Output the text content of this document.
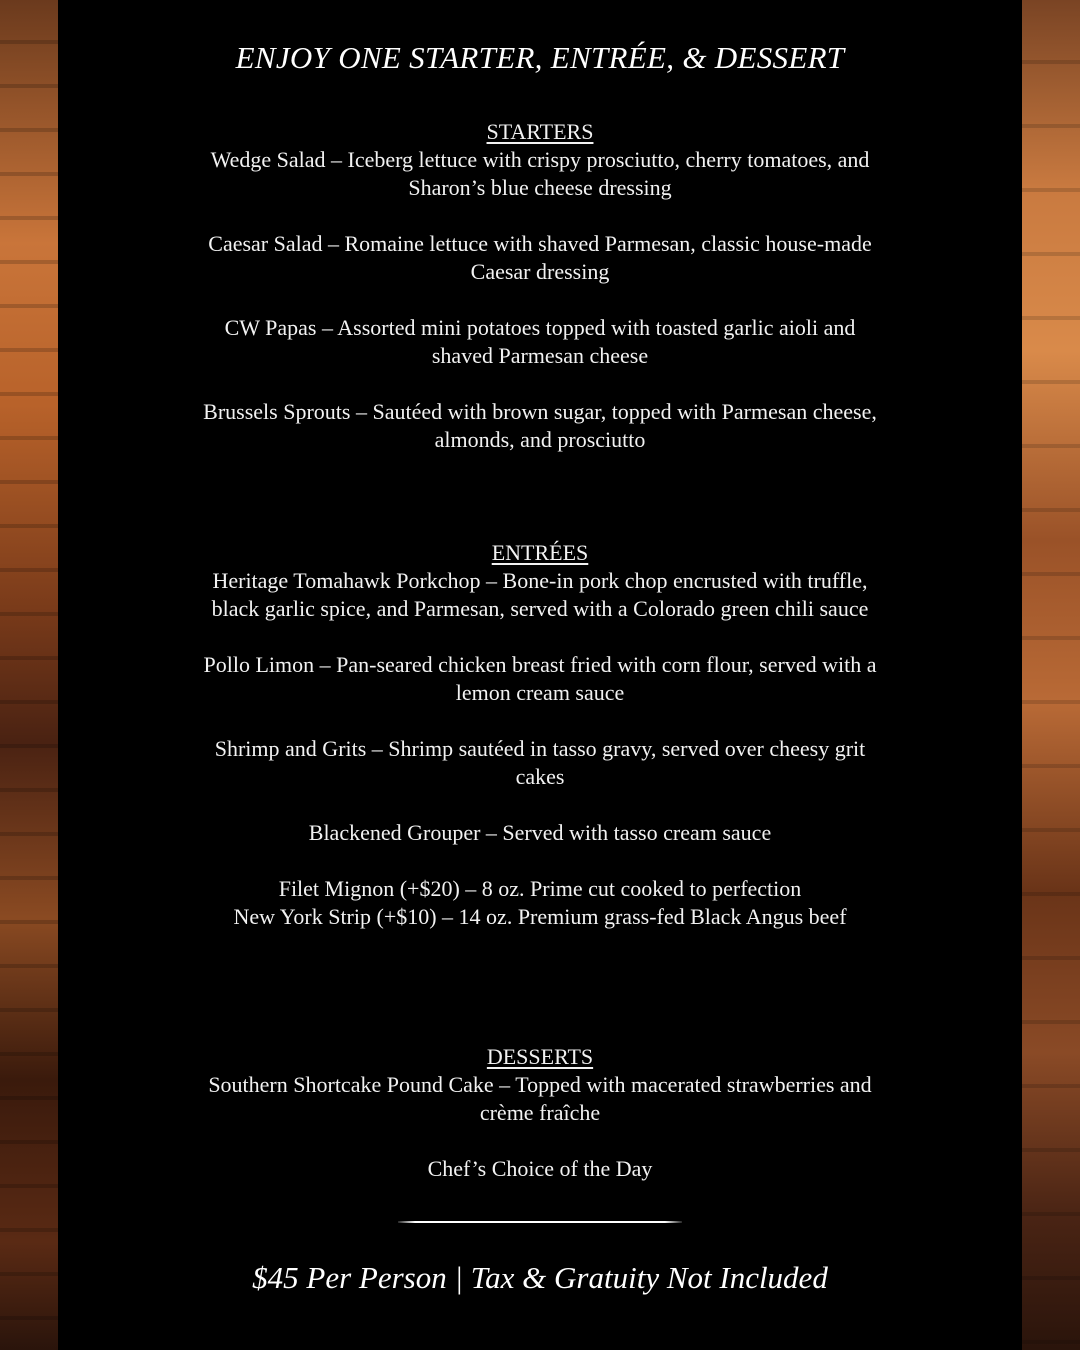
ENJOY ONE STARTER, ENTRÉE, & DESSERT

STARTERS

Wedge Salad – Iceberg lettuce with crispy prosciutto, cherry tomatoes, and Sharon’s blue cheese dressing

Caesar Salad – Romaine lettuce with shaved Parmesan, classic house-made Caesar dressing

CW Papas – Assorted mini potatoes topped with toasted garlic aioli and shaved Parmesan cheese

Brussels Sprouts – Sautéed with brown sugar, topped with Parmesan cheese, almonds, and prosciutto

ENTRÉES

Heritage Tomahawk Porkchop – Bone-in pork chop encrusted with truffle, black garlic spice, and Parmesan, served with a Colorado green chili sauce

Pollo Limon – Pan-seared chicken breast fried with corn flour, served with a lemon cream sauce

Shrimp and Grits – Shrimp sautéed in tasso gravy, served over cheesy grit cakes

Blackened Grouper – Served with tasso cream sauce

Filet Mignon (+$20) – 8 oz. Prime cut cooked to perfection

New York Strip (+$10) – 14 oz. Premium grass-fed Black Angus beef

DESSERTS

Southern Shortcake Pound Cake – Topped with macerated strawberries and crème fraîche

Chef’s Choice of the Day

$45 Per Person | Tax & Gratuity Not Included
